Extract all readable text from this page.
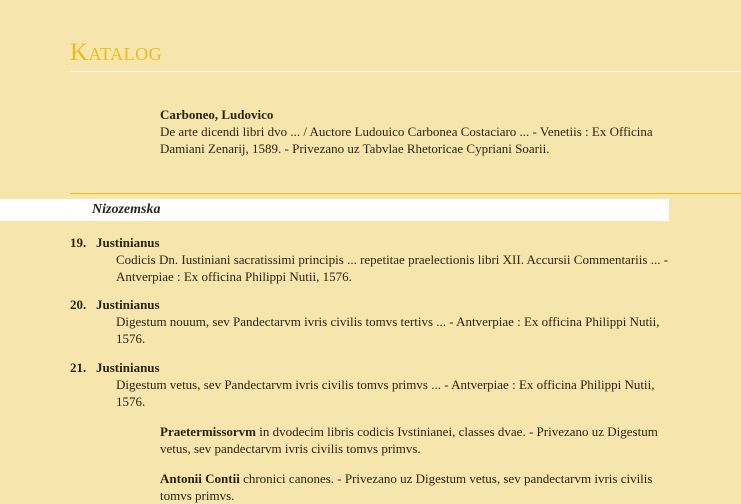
Katalog
Carboneo, Ludovico
De arte dicendi libri dvo ... / Auctore Ludouico Carbonea Costaciaro ... - Venetiis : Ex Officina Damiani Zenarij, 1589. - Privezano uz Tabvlae Rhetoricae Cypriani Soarii.
Nizozemska
19. Justinianus
Codicis Dn. Iustiniani sacratissimi principis ... repetitae praelectionis libri XII. Accursii Commentariis ... - Antverpiae : Ex officina Philippi Nutii, 1576.
20. Justinianus
Digestum nouum, sev Pandectarvm ivris civilis tomvs tertivs ... - Antverpiae : Ex officina Philippi Nutii, 1576.
21. Justinianus
Digestum vetus, sev Pandectarvm ivris civilis tomvs primvs ... - Antverpiae : Ex officina Philippi Nutii, 1576.
Praetermissorvm in dvodecim libris codicis Ivstinianei, classes dvae. - Privezano uz Digestum vetus, sev pandectarvm ivris civilis tomvs primvs.
Antonii Contii chronici canones. - Privezano uz Digestum vetus, sev pandectarvm ivris civilis tomvs primvs.
